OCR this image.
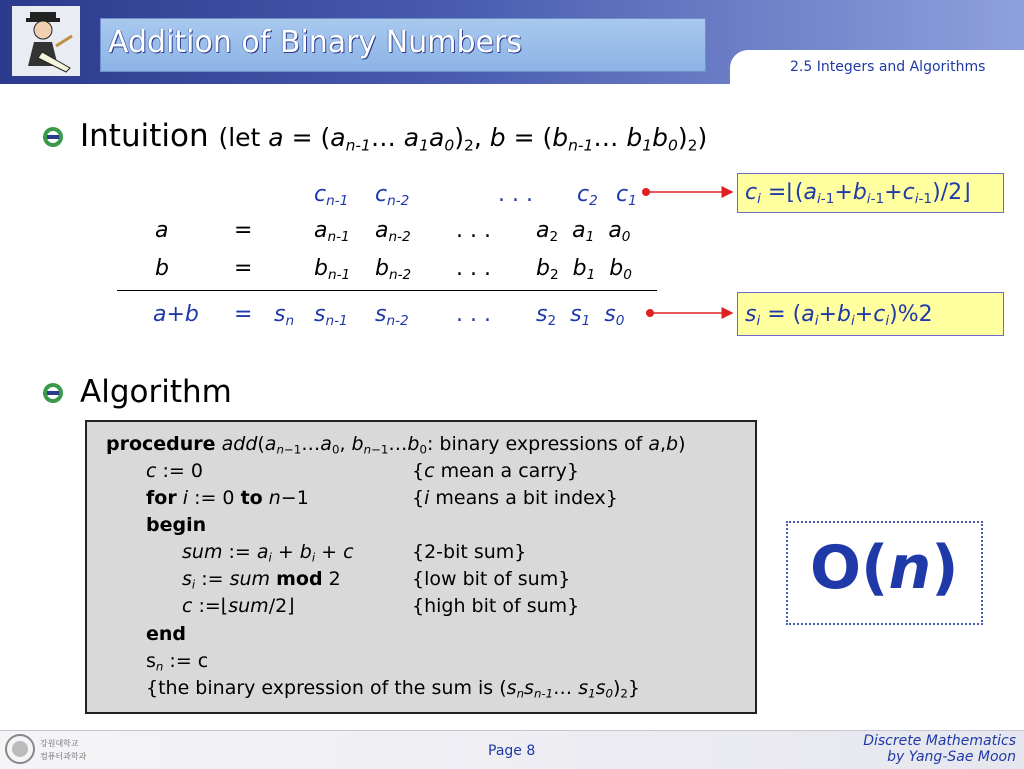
Addition of Binary Numbers
2.5 Integers and Algorithms
Intuition (let $a = (a_{n-1}\dots$ $a_1a_0)_2$, $b = (b_{n-1}\dots$ $b_1b_0)_2$)
$c_{n-1}$ $c_{n-2}$	. . . $c_2$ $c_1$
a	=	$a_{n-1}$ $a_{n-2}$ . . . $a_2$ $a_1$ $a_0$
b	=	$b_{n-1}$ $b_{n-2}$ . . . $b_2$ $b_1$ $b_0$
$a+b = s_n$ $s_{n-1}$ $s_{n-2}$ . . . $s_2$ $s_1$ $s_0$
$c_i$ $=⌊(a_{i-1}+b_{i-1}+c_{i-1})/2⌋$
$s_i = (a_i+b_i+c_i)\%2$
Algorithm
procedure $add(a_{n-1}\dots a_0$, $b_{n-1}\dots b_0$: binary expressions of a,b)
c := 0	{c mean a carry}
for i := 0 to n−1	{i means a bit index}
begin
sum := $a_i + b_i + c$	{2-bit sum}
$s_i$ := sum mod 2	{low bit of sum}
c :=⌊sum/2⌋	{high bit of sum}
end
$s_n$ := c
{the binary expression of the sum is ($s_ns_{n-1}\dots$ $s_1s_0)_2$}
O(n)
강원대학교
컴퓨터과학과	Page 8
Discrete Mathematics
by Yang-Sae Moon
